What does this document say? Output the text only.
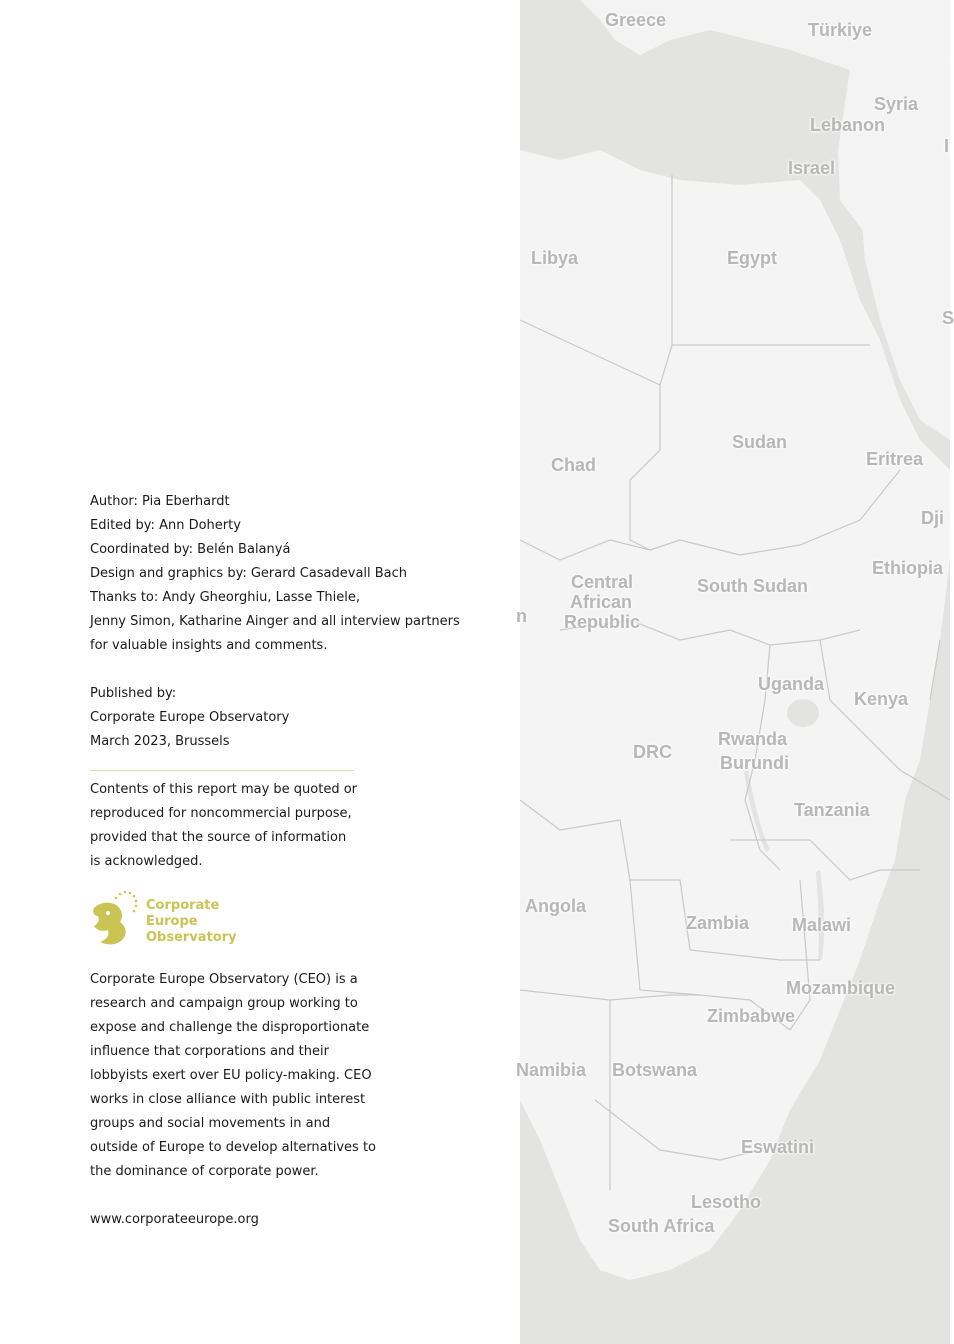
Author: Pia Eberhardt

Edited by: Ann Doherty

Coordinated by: Belén Balanyá

Design and graphics by: Gerard Casadevall Bach

Thanks to: Andy Gheorghiu, Lasse Thiele,

Jenny Simon, Katharine Ainger and all interview partners

for valuable insights and comments.

Published by:

Corporate Europe Observatory

March 2023, Brussels

Contents of this report may be quoted or

reproduced for noncommercial purpose,

provided that the source of information

is acknowledged.

Corporate
Europe
Observatory

Corporate Europe Observatory (CEO) is a

research and campaign group working to

expose and challenge the disproportionate

influence that corporations and their

lobbyists exert over EU policy-making. CEO

works in close alliance with public interest

groups and social movements in and

outside of Europe to develop alternatives to

the dominance of corporate power.

www.corporateeurope.org

Greece	Türkiye
Syria
Lebanon
Israel
Libya	Egypt
Sudan
Chad	Eritrea
Dji
Ethiopia
Central
African
Republic
South Sudan
Uganda
Kenya
DRC
Rwanda
Burundi
Tanzania
Angola
Zambia Malawi
Mozambique
Zimbabwe
Namibia Botswana
Eswatini
Lesotho
South Africa
I
S
n
